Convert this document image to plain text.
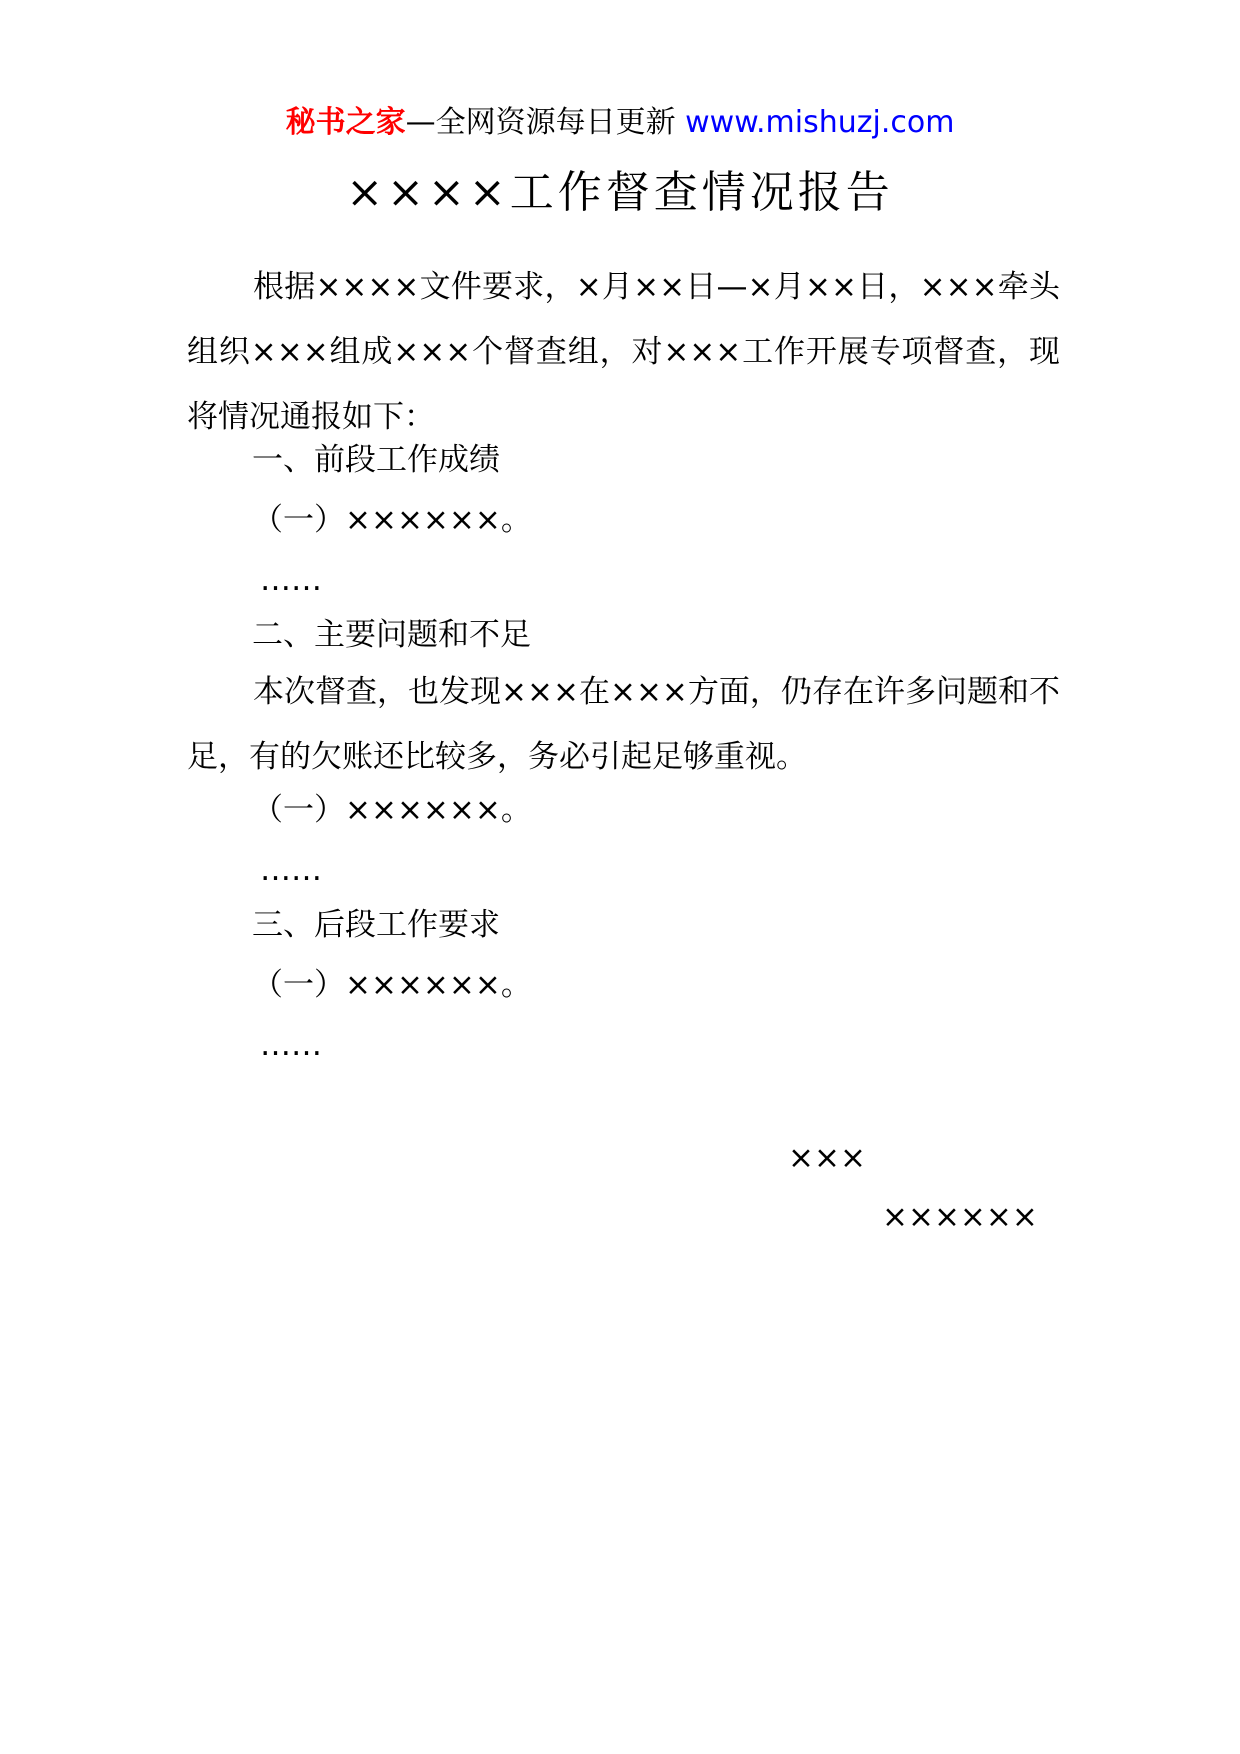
秘书之家—全网资源每日更新 www.mishuzj.com
××××工作督查情况报告

根据××××文件要求，×月××日—×月××日，×××牵头组织×××组成×××个督查组，对×××工作开展专项督查，现将情况通报如下：

一、前段工作成绩
（一）××××××。
……
二、主要问题和不足

本次督查，也发现×××在×××方面，仍存在许多问题和不足，有的欠账还比较多，务必引起足够重视。

（一）××××××。
……
三、后段工作要求
（一）××××××。
……
×××
××××××
